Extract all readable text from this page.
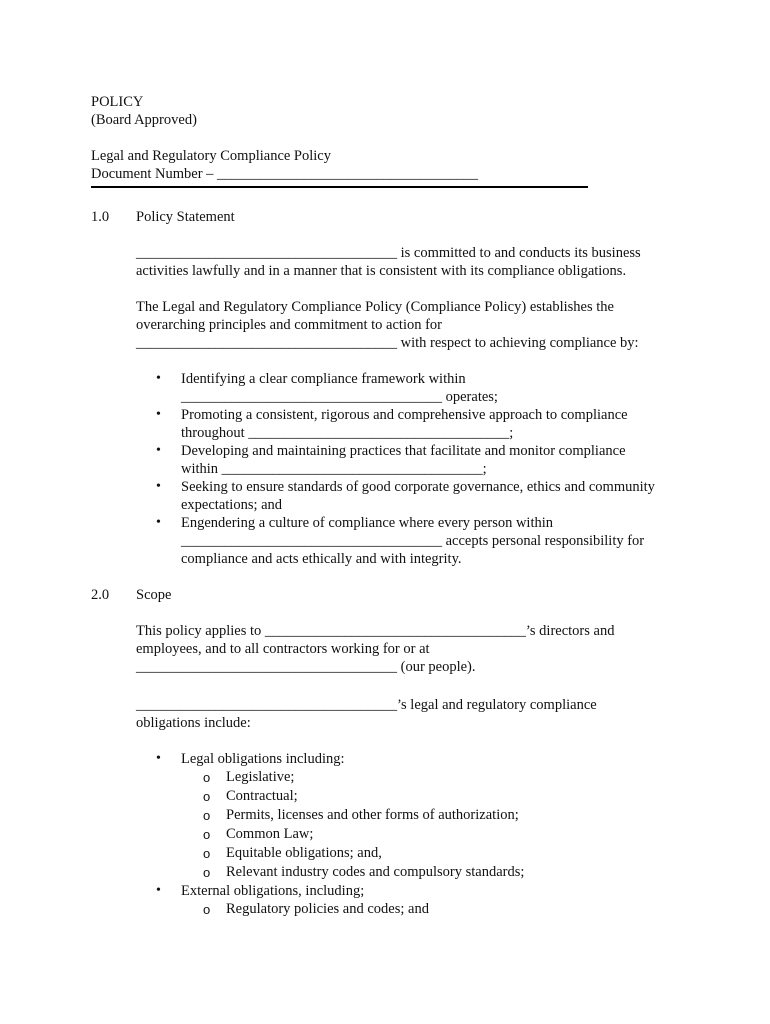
POLICY

(Board Approved)

Legal and Regulatory Compliance Policy

Document Number – ____________________________________

1.0	Policy Statement

____________________________________ is committed to and conducts its business

activities lawfully and in a manner that is consistent with its compliance obligations.

The Legal and Regulatory Compliance Policy (Compliance Policy) establishes the

overarching principles and commitment to action for

____________________________________ with respect to achieving compliance by:

• Identifying a clear compliance framework within
____________________________________ operates;
• Promoting a consistent, rigorous and comprehensive approach to compliance
throughout ____________________________________;
• Developing and maintaining practices that facilitate and monitor compliance
within ____________________________________;
• Seeking to ensure standards of good corporate governance, ethics and community
expectations; and
• Engendering a culture of compliance where every person within
____________________________________ accepts personal responsibility for
compliance and acts ethically and with integrity.
2.0	Scope

This policy applies to ____________________________________’s directors and

employees, and to all contractors working for or at

____________________________________ (our people).

____________________________________’s legal and regulatory compliance

obligations include:

• Legal obligations including:
o Legislative;
o Contractual;
o Permits, licenses and other forms of authorization;
o Common Law;
o Equitable obligations; and,
o Relevant industry codes and compulsory standards;
• External obligations, including;
o Regulatory policies and codes; and
